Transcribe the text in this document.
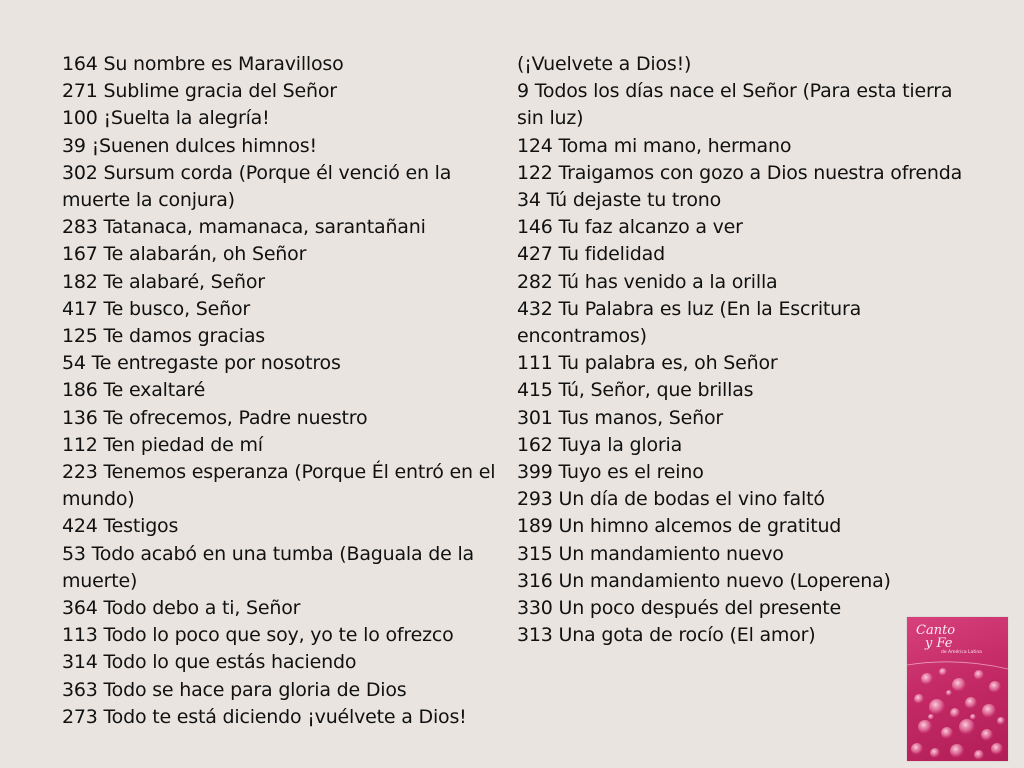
164 Su nombre es Maravilloso
271 Sublime gracia del Señor
100 ¡Suelta la alegría!
39 ¡Suenen dulces himnos!
302 Sursum corda (Porque él venció en la
muerte la conjura)
283 Tatanaca, mamanaca, sarantañani
167 Te alabarán, oh Señor
182 Te alabaré, Señor
417 Te busco, Señor
125 Te damos gracias
54 Te entregaste por nosotros
186 Te exaltaré
136 Te ofrecemos, Padre nuestro
112 Ten piedad de mí
223 Tenemos esperanza (Porque Él entró en el
mundo)
424 Testigos
53 Todo acabó en una tumba (Baguala de la
muerte)
364 Todo debo a ti, Señor
113 Todo lo poco que soy, yo te lo ofrezco
314 Todo lo que estás haciendo
363 Todo se hace para gloria de Dios
273 Todo te está diciendo ¡vuélvete a Dios!
(¡Vuelvete a Dios!)
9 Todos los días nace el Señor (Para esta tierra
sin luz)
124 Toma mi mano, hermano
122 Traigamos con gozo a Dios nuestra ofrenda
34 Tú dejaste tu trono
146 Tu faz alcanzo a ver
427 Tu fidelidad
282 Tú has venido a la orilla
432 Tu Palabra es luz (En la Escritura
encontramos)
111 Tu palabra es, oh Señor
415 Tú, Señor, que brillas
301 Tus manos, Señor
162 Tuya la gloria
399 Tuyo es el reino
293 Un día de bodas el vino faltó
189 Un himno alcemos de gratitud
315 Un mandamiento nuevo
316 Un mandamiento nuevo (Loperena)
330 Un poco después del presente
313 Una gota de rocío (El amor)	Canto
y Fe
de América Latina
